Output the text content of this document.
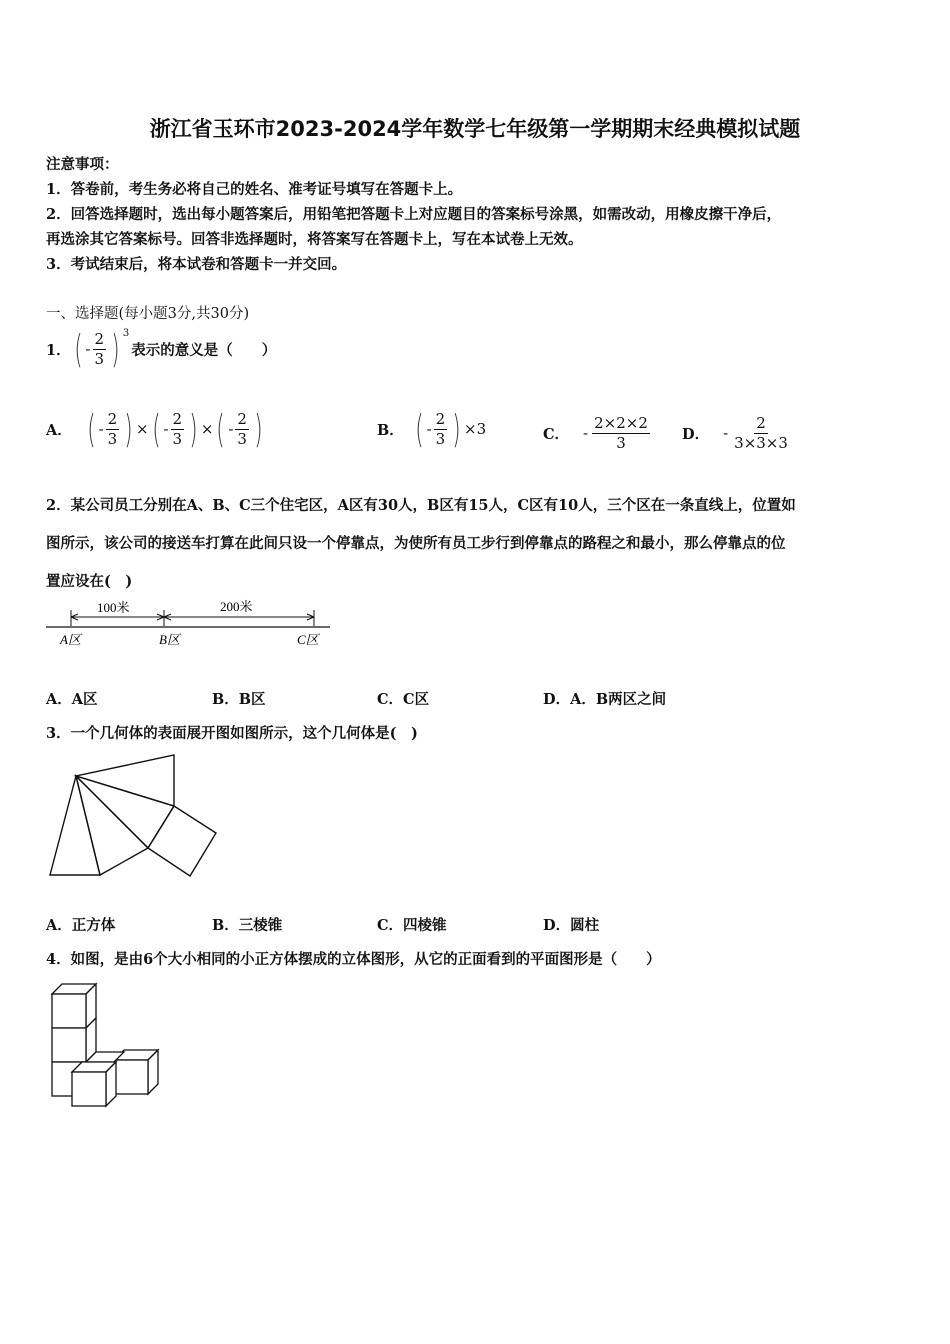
浙江省玉环市2023-2024学年数学七年级第一学期期末经典模拟试题
注意事项：
1．答卷前，考生务必将自己的姓名、准考证号填写在答题卡上。
2．回答选择题时，选出每小题答案后，用铅笔把答题卡上对应题目的答案标号涂黑，如需改动，用橡皮擦干净后，
再选涂其它答案标号。回答非选择题时，将答案写在答题卡上，写在本试卷上无效。
3．考试结束后，将本试卷和答题卡一并交回。
一、选择题(每小题3分,共30分)
1． ( - $\frac{2}{3}$ ) 3
表示的意义是（　　）
A． ( - $\frac{2}{3}$ ) × ( - $\frac{2}{3}$ ) × ( - $\frac{2}{3}$ )	B． ( - $\frac{2}{3}$ ) ×3	C． - $\frac{2\times 2\times 2}{3}$ D． - $\frac{2}{3\times 3\times 3}$
2．某公司员工分别在A、B、C三个住宅区，A区有30人，B区有15人，C区有10人，三个区在一条直线上，位置如
图所示，该公司的接送车打算在此间只设一个停靠点，为使所有员工步行到停靠点的路程之和最小，那么停靠点的位
置应设在(　)
100米	200米
A区	B区	C区
A．A区	B．B区	C．C区	D．A．B两区之间
3．一个几何体的表面展开图如图所示，这个几何体是(　)
A．正方体	B．三棱锥	C．四棱锥	D．圆柱
4．如图，是由6个大小相同的小正方体摆成的立体图形，从它的正面看到的平面图形是（　　）
